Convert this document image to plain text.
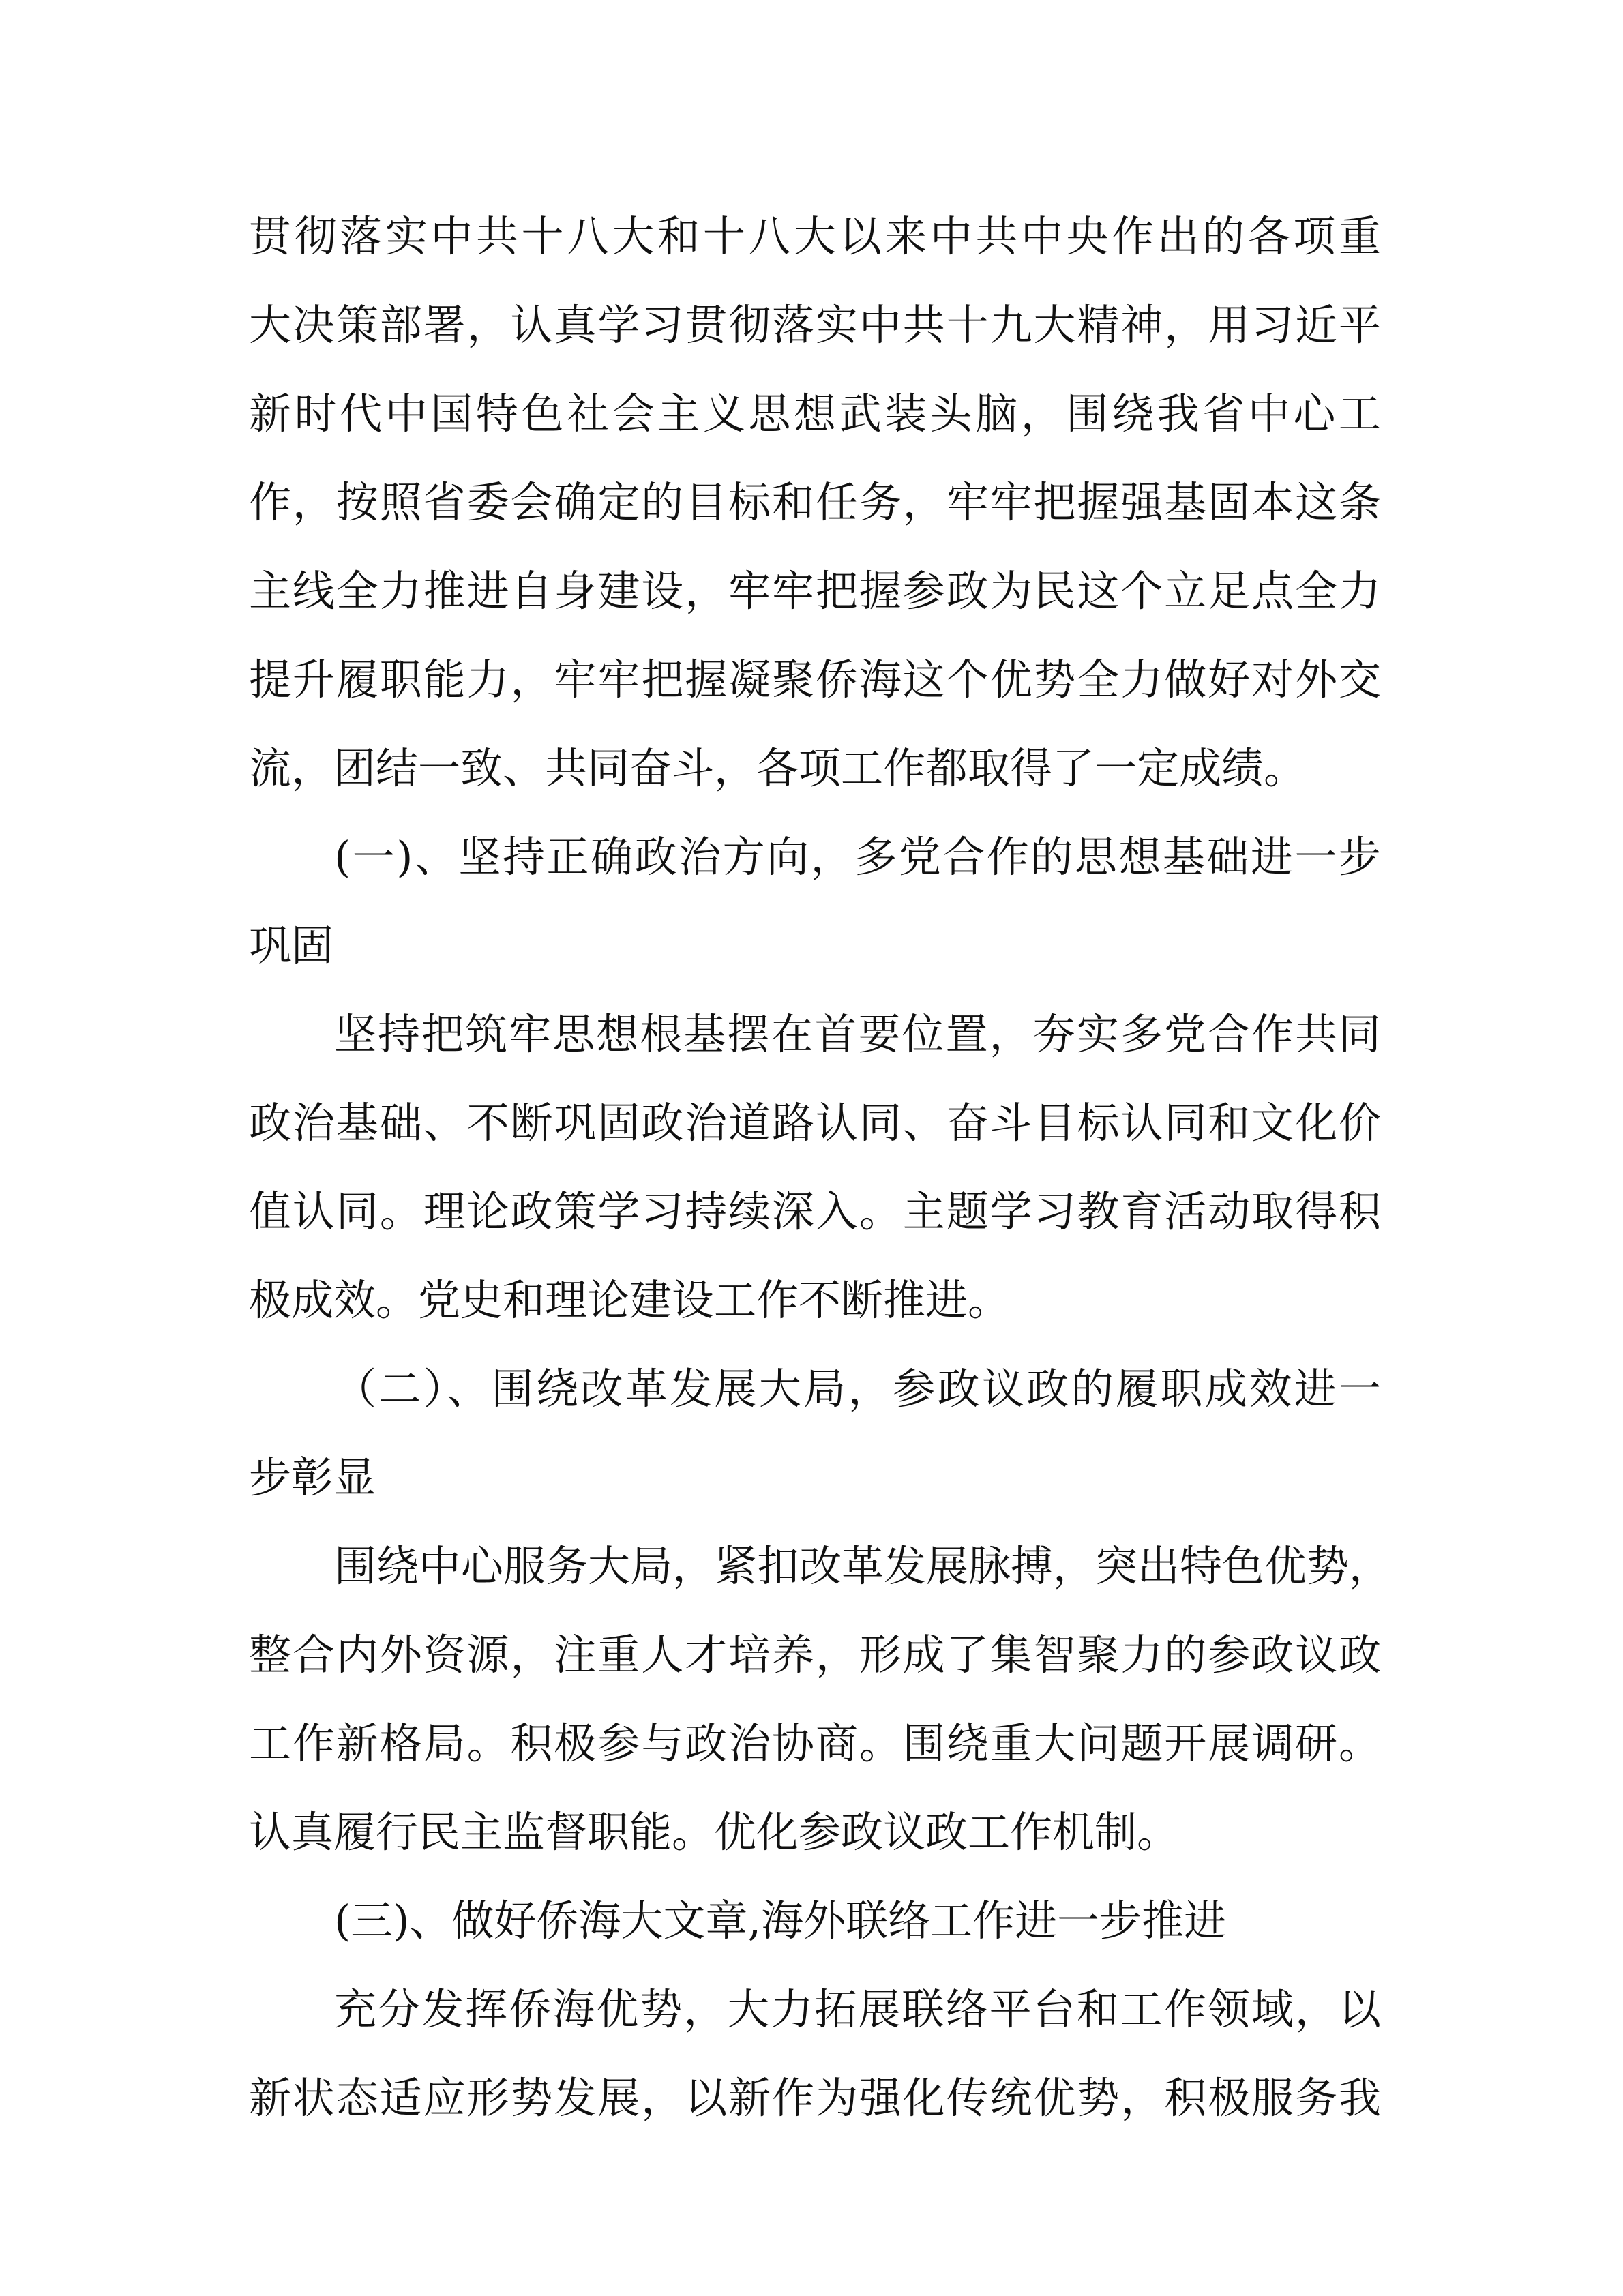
贯彻落实中共十八大和十八大以来中共中央作出的各项重
大决策部署，认真学习贯彻落实中共十九大精神，用习近平
新时代中国特色社会主义思想武装头脑，围绕我省中心工
作，按照省委会确定的目标和任务，牢牢把握强基固本这条
主线全力推进自身建设，牢牢把握参政为民这个立足点全力
提升履职能力，牢牢把握凝聚侨海这个优势全力做好对外交
流，团结一致、共同奋斗，各项工作都取得了一定成绩。
(一)、坚持正确政治方向，多党合作的思想基础进一步
巩固
坚持把筑牢思想根基摆在首要位置，夯实多党合作共同
政治基础、不断巩固政治道路认同、奋斗目标认同和文化价
值认同。理论政策学习持续深入。主题学习教育活动取得积
极成效。党史和理论建设工作不断推进。
（二）、围绕改革发展大局，参政议政的履职成效进一
步彰显
围绕中心服务大局，紧扣改革发展脉搏，突出特色优势，
整合内外资源，注重人才培养，形成了集智聚力的参政议政
工作新格局。积极参与政治协商。围绕重大问题开展调研。
认真履行民主监督职能。优化参政议政工作机制。
(三)、做好侨海大文章,海外联络工作进一步推进
充分发挥侨海优势，大力拓展联络平台和工作领域，以
新状态适应形势发展，以新作为强化传统优势，积极服务我
